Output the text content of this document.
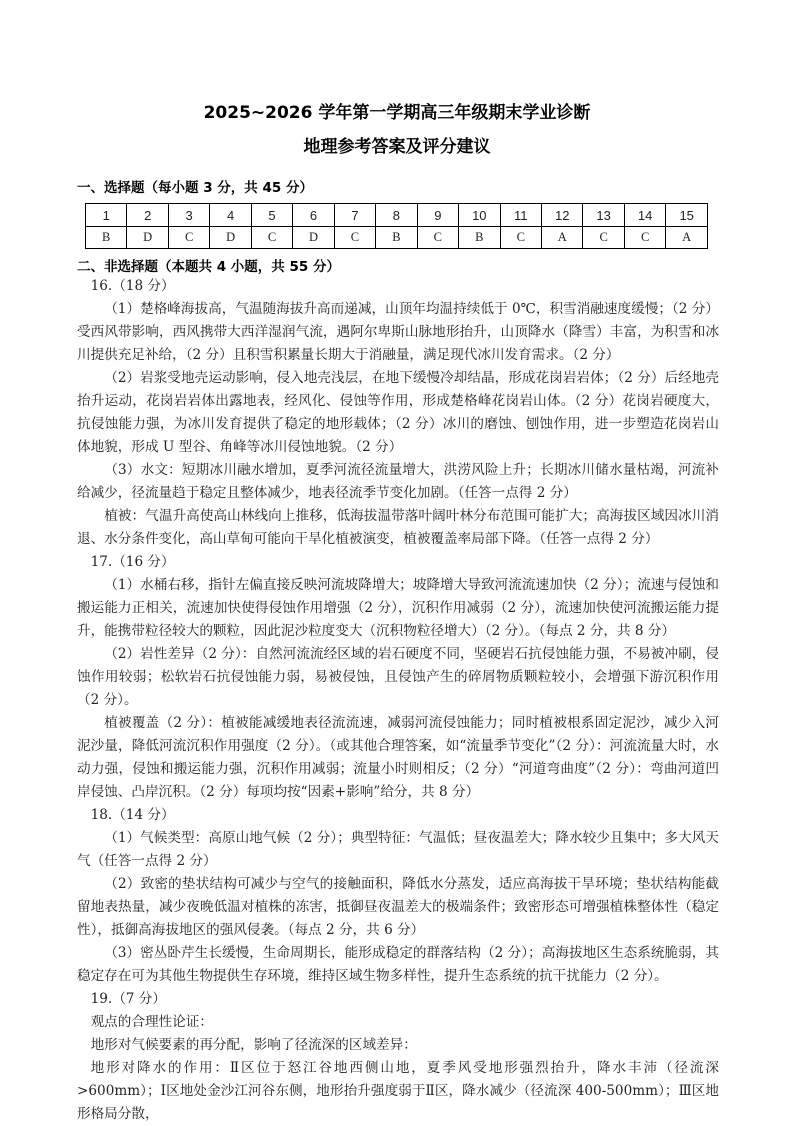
2025~2026 学年第一学期高三年级期末学业诊断
地理参考答案及评分建议
一、选择题（每小题 3 分，共 45 分）
1	2	3	4	5	6	7	8	9	10	11	12	13	14	15
B	D	C	D	C	D	C	B	C	B	C	A	C	C	A
二、非选择题（本题共 4 小题，共 55 分）

16.（18 分）

（1）楚格峰海拔高，气温随海拔升高而递减，山顶年均温持续低于 0℃，积雪消融速度缓慢；（2 分）受西风带影响，西风携带大西洋湿润气流，遇阿尔卑斯山脉地形抬升，山顶降水（降雪）丰富，为积雪和冰川提供充足补给，（2 分）且积雪积累量长期大于消融量，满足现代冰川发育需求。（2 分）

（2）岩浆受地壳运动影响，侵入地壳浅层，在地下缓慢冷却结晶，形成花岗岩岩体；（2 分）后经地壳抬升运动，花岗岩岩体出露地表，经风化、侵蚀等作用，形成楚格峰花岗岩山体。（2 分）花岗岩硬度大，抗侵蚀能力强，为冰川发育提供了稳定的地形载体；（2 分）冰川的磨蚀、刨蚀作用，进一步塑造花岗岩山体地貌，形成 U 型谷、角峰等冰川侵蚀地貌。（2 分）

（3）水文：短期冰川融水增加，夏季河流径流量增大，洪涝风险上升；长期冰川储水量枯竭，河流补给减少，径流量趋于稳定且整体减少，地表径流季节变化加剧。（任答一点得 2 分）

植被：气温升高使高山林线向上推移，低海拔温带落叶阔叶林分布范围可能扩大；高海拔区域因冰川消退、水分条件变化，高山草甸可能向干旱化植被演变，植被覆盖率局部下降。（任答一点得 2 分）

17.（16 分）

（1）水桶右移，指针左偏直接反映河流坡降增大；坡降增大导致河流流速加快（2 分）；流速与侵蚀和搬运能力正相关，流速加快使得侵蚀作用增强（2 分），沉积作用减弱（2 分），流速加快使河流搬运能力提升，能携带粒径较大的颗粒，因此泥沙粒度变大（沉积物粒径增大）（2 分）。（每点 2 分，共 8 分）

（2）岩性差异（2 分）：自然河流流经区域的岩石硬度不同，坚硬岩石抗侵蚀能力强，不易被冲刷，侵蚀作用较弱；松软岩石抗侵蚀能力弱，易被侵蚀，且侵蚀产生的碎屑物质颗粒较小，会增强下游沉积作用（2 分）。

植被覆盖（2 分）：植被能减缓地表径流流速，减弱河流侵蚀能力；同时植被根系固定泥沙，减少入河泥沙量，降低河流沉积作用强度（2 分）。（或其他合理答案，如“流量季节变化”（2 分）：河流流量大时，水动力强，侵蚀和搬运能力强，沉积作用减弱；流量小时则相反；（2 分）“河道弯曲度”（2 分）：弯曲河道凹岸侵蚀、凸岸沉积。（2 分）每项均按“因素+影响”给分，共 8 分）

18.（14 分）

（1）气候类型：高原山地气候（2 分）；典型特征：气温低；昼夜温差大；降水较少且集中；多大风天气（任答一点得 2 分）

（2）致密的垫状结构可减少与空气的接触面积，降低水分蒸发，适应高海拔干旱环境；垫状结构能截留地表热量，减少夜晚低温对植株的冻害，抵御昼夜温差大的极端条件；致密形态可增强植株整体性（稳定性），抵御高海拔地区的强风侵袭。（每点 2 分，共 6 分）

（3）密丛卧芹生长缓慢，生命周期长，能形成稳定的群落结构（2 分）；高海拔地区生态系统脆弱，其稳定存在可为其他生物提供生存环境，维持区域生物多样性，提升生态系统的抗干扰能力（2 分）。

19.（7 分）

观点的合理性论证：

地形对气候要素的再分配，影响了径流深的区域差异：

地形对降水的作用：Ⅱ区位于怒江谷地西侧山地，夏季风受地形强烈抬升，降水丰沛（径流深>600mm）；Ⅰ区地处金沙江河谷东侧，地形抬升强度弱于Ⅱ区，降水减少（径流深 400-500mm）；Ⅲ区地形格局分散，
